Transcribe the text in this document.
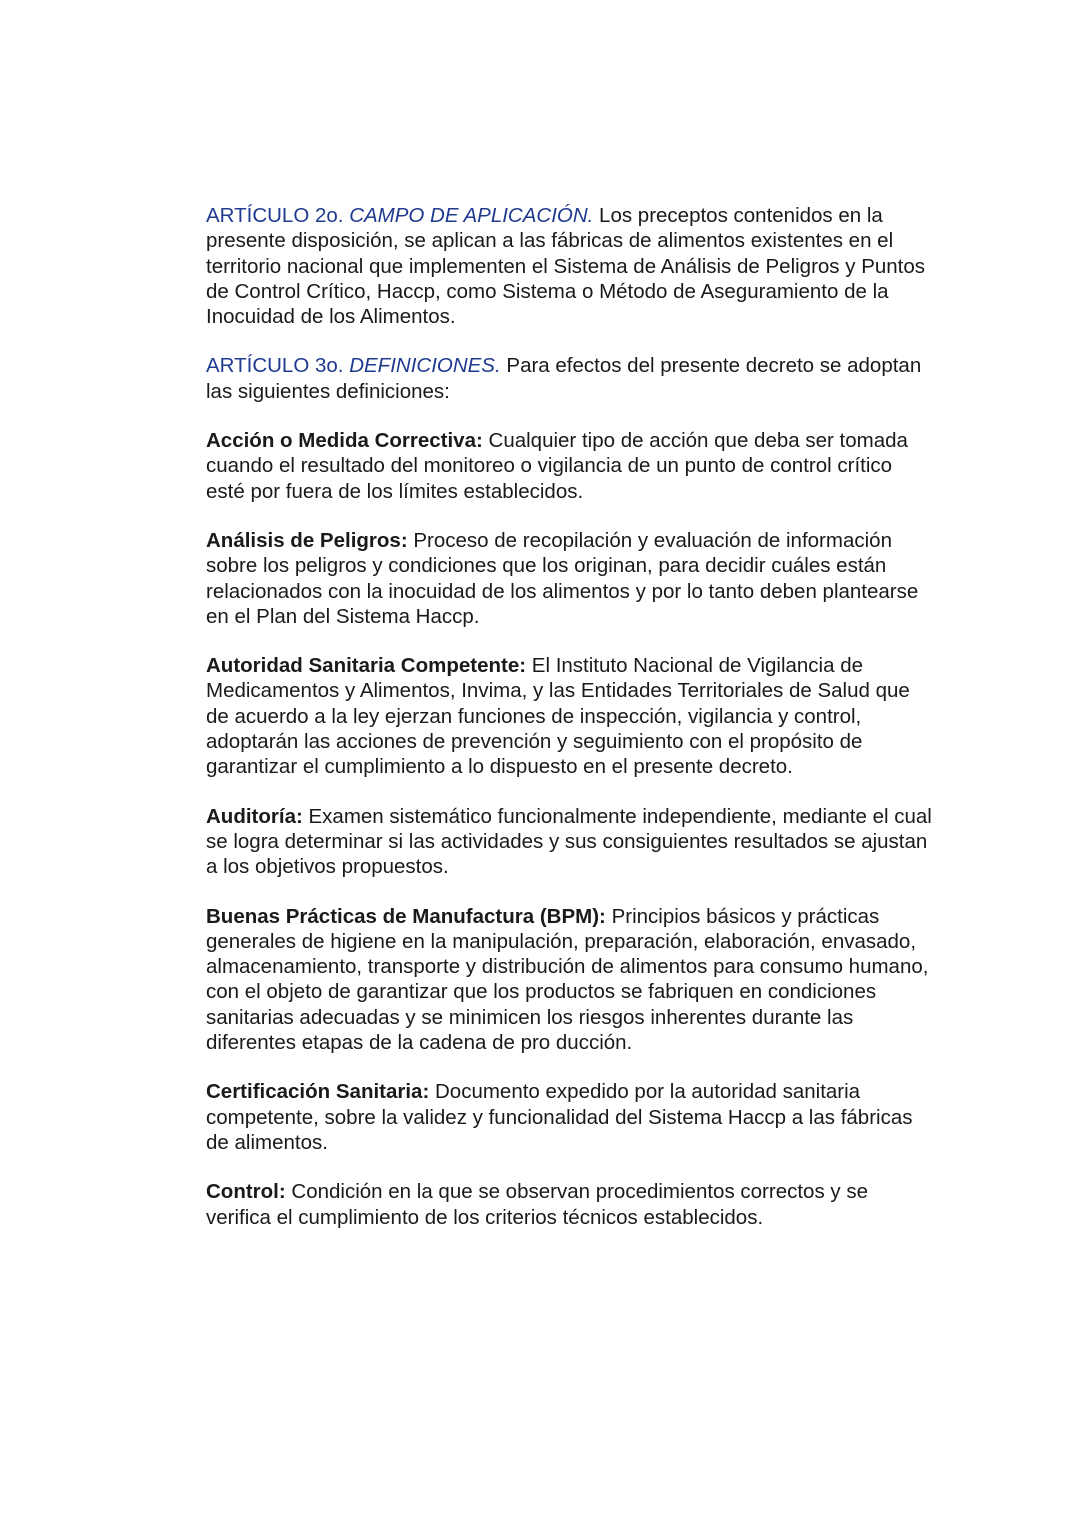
ARTÍCULO 2o. CAMPO DE APLICACIÓN. Los preceptos contenidos en la presente disposición, se aplican a las fábricas de alimentos existentes en el territorio nacional que implementen el Sistema de Análisis de Peligros y Puntos de Control Crítico, Haccp, como Sistema o Método de Aseguramiento de la Inocuidad de los Alimentos.

ARTÍCULO 3o. DEFINICIONES. Para efectos del presente decreto se adoptan las siguientes definiciones:

Acción o Medida Correctiva: Cualquier tipo de acción que deba ser tomada cuando el resultado del monitoreo o vigilancia de un punto de control crítico esté por fuera de los límites establecidos.

Análisis de Peligros: Proceso de recopilación y evaluación de información sobre los peligros y condiciones que los originan, para decidir cuáles están relacionados con la inocuidad de los alimentos y por lo tanto deben plantearse en el Plan del Sistema Haccp.

Autoridad Sanitaria Competente: El Instituto Nacional de Vigilancia de Medicamentos y Alimentos, Invima, y las Entidades Territoriales de Salud que de acuerdo a la ley ejerzan funciones de inspección, vigilancia y control, adoptarán las acciones de prevención y seguimiento con el propósito de garantizar el cumplimiento a lo dispuesto en el presente decreto.

Auditoría: Examen sistemático funcionalmente independiente, mediante el cual se logra determinar si las actividades y sus consiguientes resultados se ajustan a los objetivos propuestos.

Buenas Prácticas de Manufactura (BPM): Principios básicos y prácticas generales de higiene en la manipulación, preparación, elaboración, envasado, almacenamiento, transporte y distribución de alimentos para consumo humano, con el objeto de garantizar que los productos se fabriquen en condiciones sanitarias adecuadas y se minimicen los riesgos inherentes durante las diferentes etapas de la cadena de pro ducción.

Certificación Sanitaria: Documento expedido por la autoridad sanitaria competente, sobre la validez y funcionalidad del Sistema Haccp a las fábricas de alimentos.

Control: Condición en la que se observan procedimientos correctos y se verifica el cumplimiento de los criterios técnicos establecidos.
